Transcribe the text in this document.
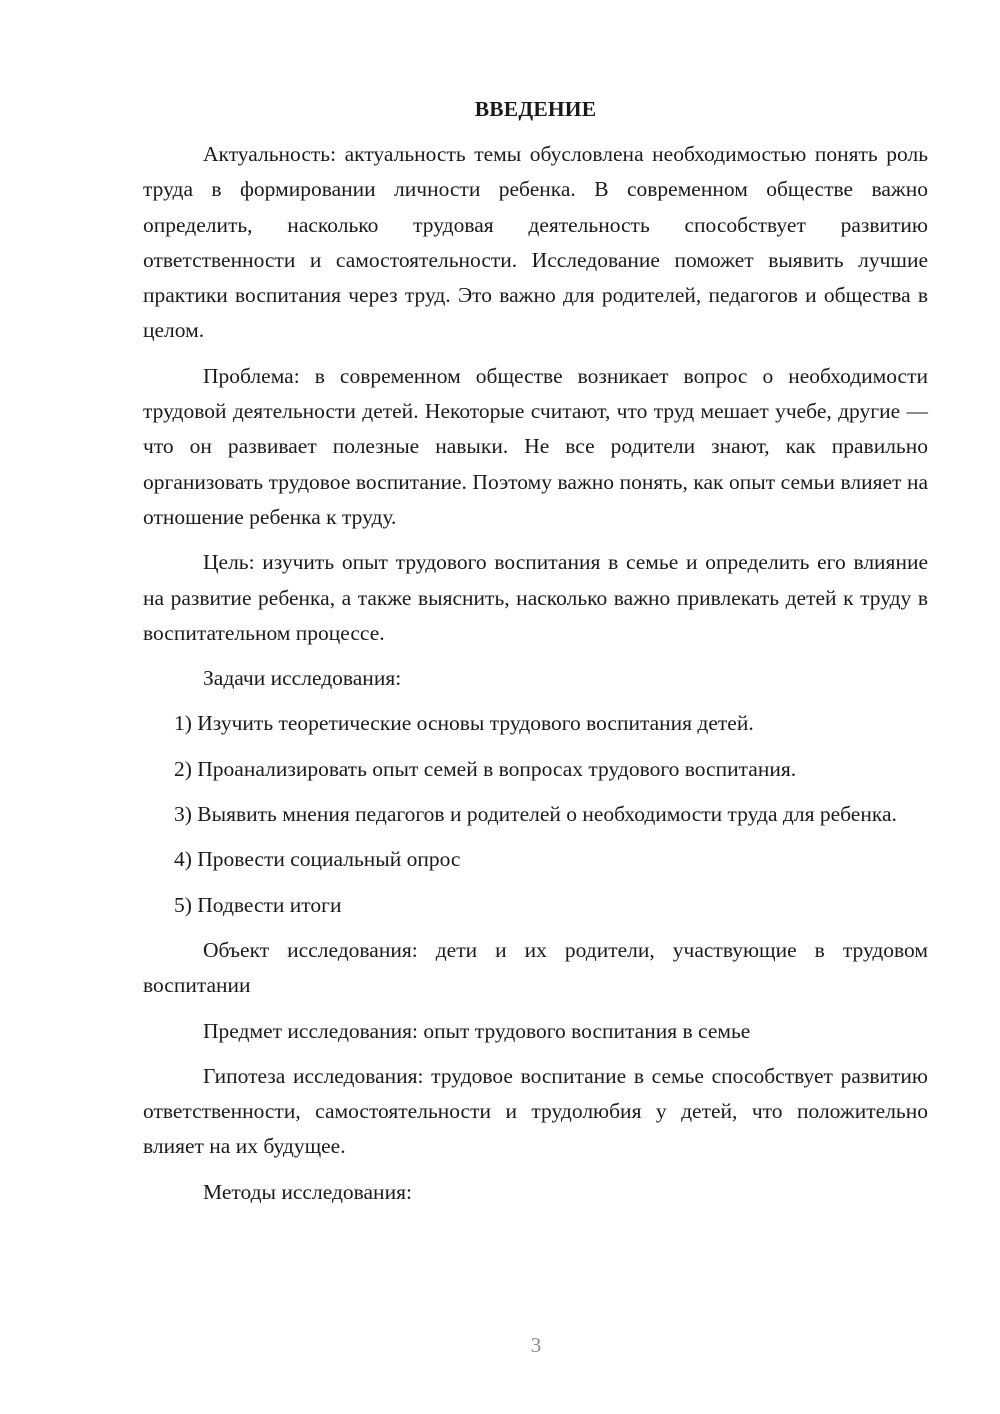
ВВЕДЕНИЕ

Актуальность: актуальность темы обусловлена необходимостью понять роль труда в формировании личности ребенка. В современном обществе важно определить, насколько трудовая деятельность способствует развитию ответственности и самостоятельности. Исследование поможет выявить лучшие практики воспитания через труд. Это важно для родителей, педагогов и общества в целом.

Проблема: в современном обществе возникает вопрос о необходимости трудовой деятельности детей. Некоторые считают, что труд мешает учебе, другие — что он развивает полезные навыки. Не все родители знают, как правильно организовать трудовое воспитание. Поэтому важно понять, как опыт семьи влияет на отношение ребенка к труду.

Цель: изучить опыт трудового воспитания в семье и определить его влияние на развитие ребенка, а также выяснить, насколько важно привлекать детей к труду в воспитательном процессе.

Задачи исследования:

1) Изучить теоретические основы трудового воспитания детей.

2) Проанализировать опыт семей в вопросах трудового воспитания.

3) Выявить мнения педагогов и родителей о необходимости труда для ребенка.

4) Провести социальный опрос

5) Подвести итоги

Объект исследования: дети и их родители, участвующие в трудовом воспитании

Предмет исследования: опыт трудового воспитания в семье

Гипотеза исследования: трудовое воспитание в семье способствует развитию ответственности, самостоятельности и трудолюбия у детей, что положительно влияет на их будущее.

Методы исследования:

3
